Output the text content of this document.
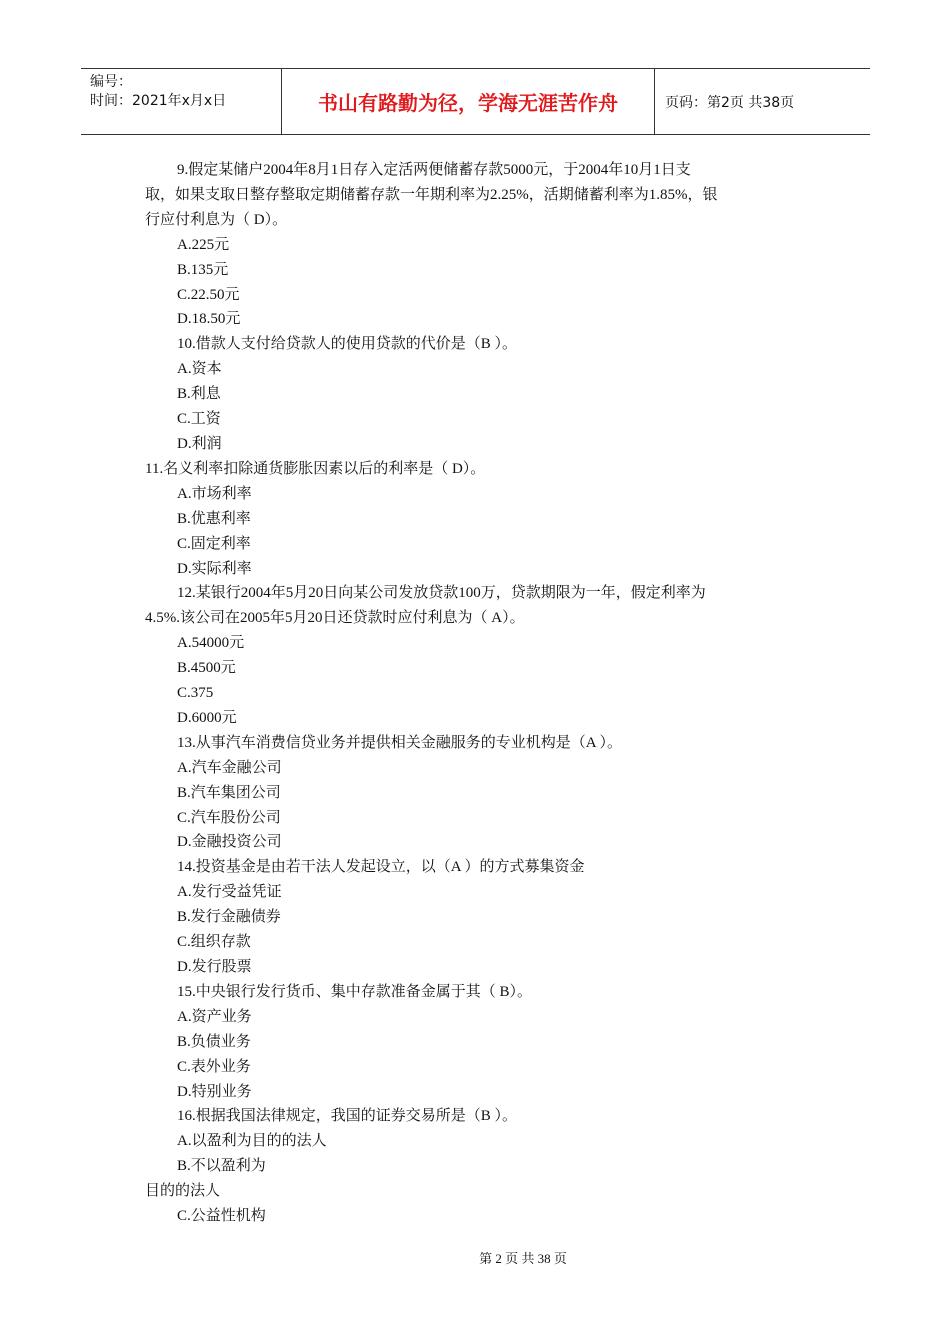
编号：
时间：2021年x月x日	书山有路勤为径，学海无涯苦作舟	页码：第2页 共38页
9.假定某储户2004年8月1日存入定活两便储蓄存款5000元，于2004年10月1日支
取，如果支取日整存整取定期储蓄存款一年期利率为2.25%，活期储蓄利率为1.85%，银
行应付利息为（ D）。
A.225元
B.135元
C.22.50元
D.18.50元
10.借款人支付给贷款人的使用贷款的代价是（B ）。
A.资本
B.利息
C.工资
D.利润
11.名义利率扣除通货膨胀因素以后的利率是（ D）。
A.市场利率
B.优惠利率
C.固定利率
D.实际利率
12.某银行2004年5月20日向某公司发放贷款100万，贷款期限为一年，假定利率为
4.5%.该公司在2005年5月20日还贷款时应付利息为（ A）。
A.54000元
B.4500元
C.375
D.6000元
13.从事汽车消费信贷业务并提供相关金融服务的专业机构是（A ）。
A.汽车金融公司
B.汽车集团公司
C.汽车股份公司
D.金融投资公司
14.投资基金是由若干法人发起设立，以（A ）的方式募集资金
A.发行受益凭证
B.发行金融债券
C.组织存款
D.发行股票
15.中央银行发行货币、集中存款准备金属于其（ B）。
A.资产业务
B.负债业务
C.表外业务
D.特别业务
16.根据我国法律规定，我国的证券交易所是（B ）。
A.以盈利为目的的法人
B.不以盈利为
目的的法人
C.公益性机构
第 2 页 共 38 页
